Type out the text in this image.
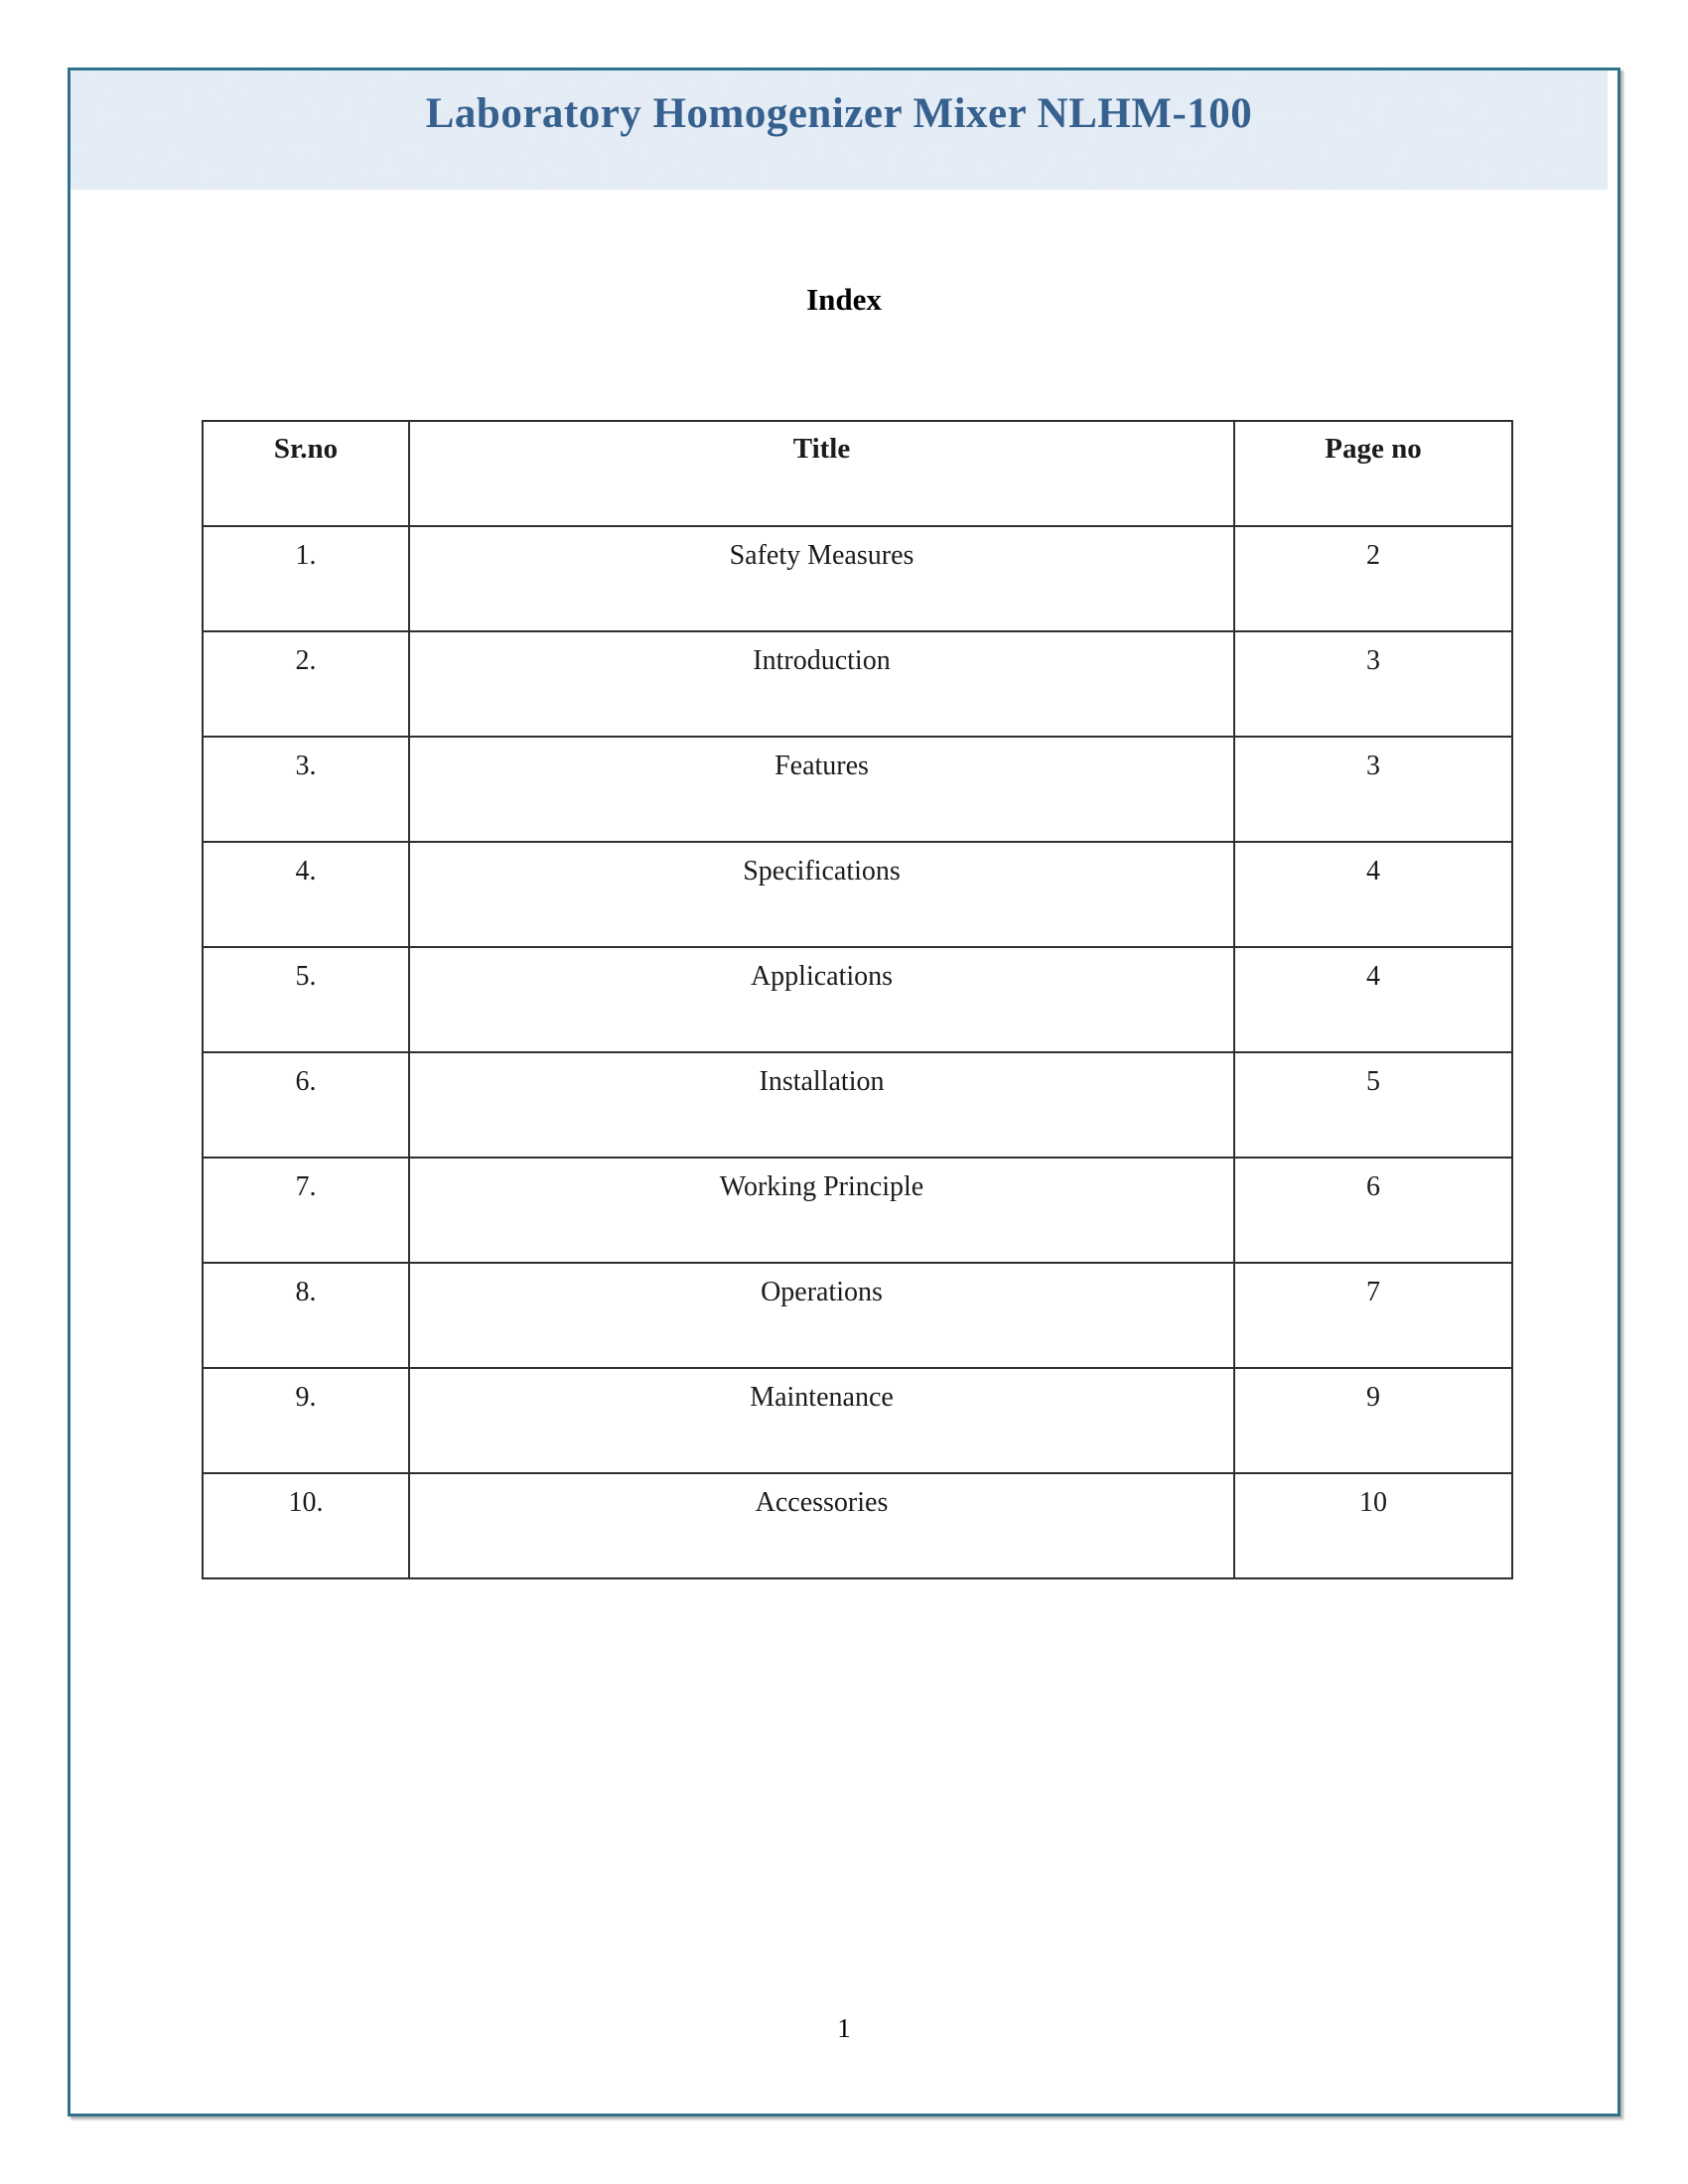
Laboratory Homogenizer Mixer NLHM-100
Index
Sr.no	Title	Page no
1.	Safety Measures	2
2.	Introduction	3
3.	Features	3
4.	Specifications	4
5.	Applications	4
6.	Installation	5
7.	Working Principle	6
8.	Operations	7
9.	Maintenance	9
10.	Accessories	10
1
